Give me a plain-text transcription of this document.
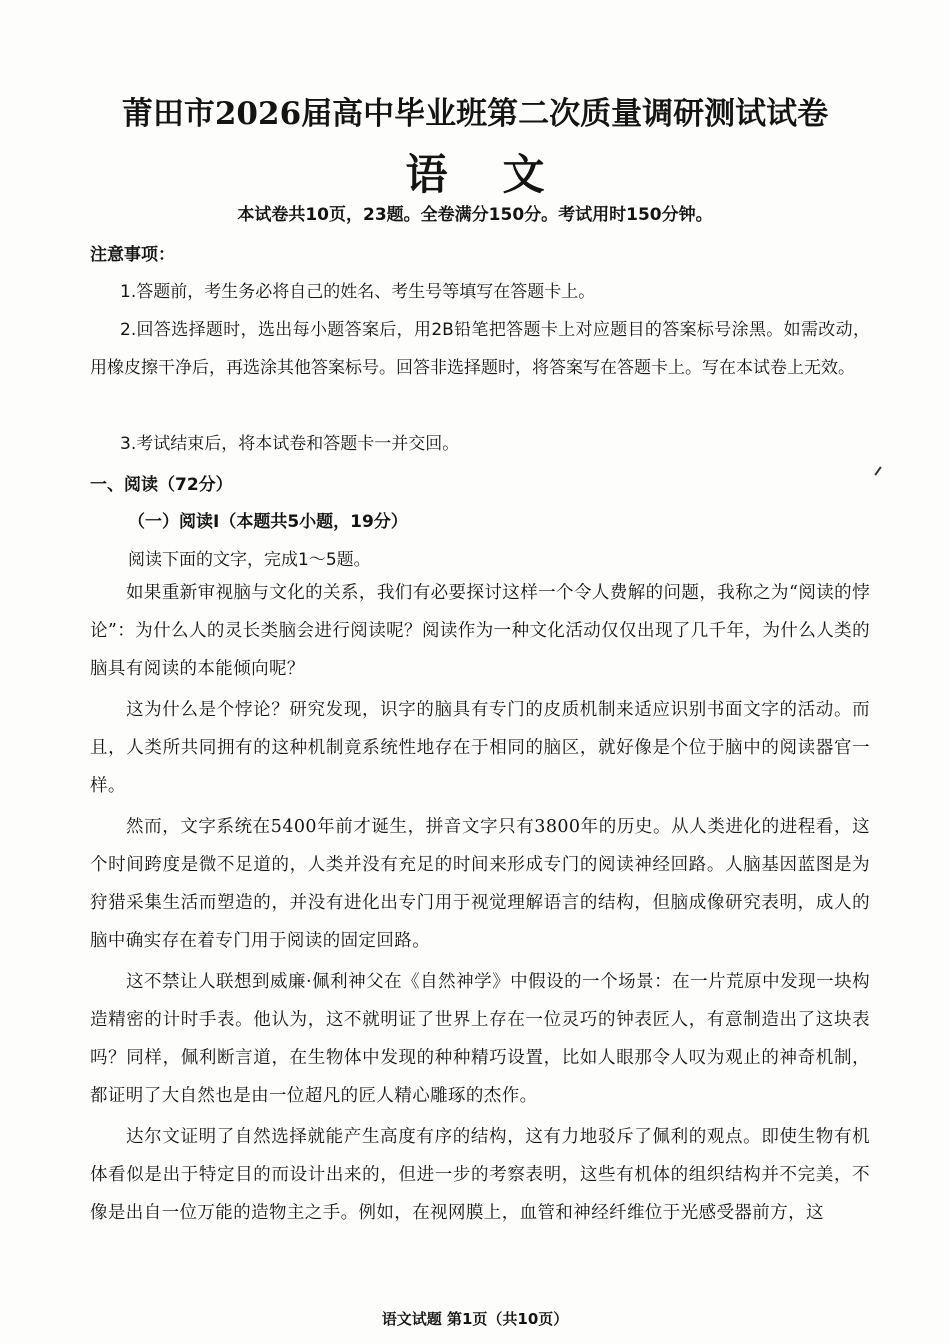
莆田市2026届高中毕业班第二次质量调研测试试卷
语文
本试卷共10页，23题。全卷满分150分。考试用时150分钟。
注意事项：
1.答题前，考生务必将自己的姓名、考生号等填写在答题卡上。
2.回答选择题时，选出每小题答案后，用2B铅笔把答题卡上对应题目的答案标号涂黑。如需改动，用橡皮擦干净后，再选涂其他答案标号。回答非选择题时，将答案写在答题卡上。写在本试卷上无效。
3.考试结束后，将本试卷和答题卡一并交回。
一、阅读（72分）
（一）阅读Ⅰ（本题共5小题，19分）
阅读下面的文字，完成1～5题。
如果重新审视脑与文化的关系，我们有必要探讨这样一个令人费解的问题，我称之为“阅读的悖论”：为什么人的灵长类脑会进行阅读呢？阅读作为一种文化活动仅仅出现了几千年，为什么人类的脑具有阅读的本能倾向呢？
这为什么是个悖论？研究发现，识字的脑具有专门的皮质机制来适应识别书面文字的活动。而且，人类所共同拥有的这种机制竟系统性地存在于相同的脑区，就好像是个位于脑中的阅读器官一样。
然而，文字系统在5400年前才诞生，拼音文字只有3800年的历史。从人类进化的进程看，这个时间跨度是微不足道的，人类并没有充足的时间来形成专门的阅读神经回路。人脑基因蓝图是为狩猎采集生活而塑造的，并没有进化出专门用于视觉理解语言的结构，但脑成像研究表明，成人的脑中确实存在着专门用于阅读的固定回路。
这不禁让人联想到威廉·佩利神父在《自然神学》中假设的一个场景：在一片荒原中发现一块构造精密的计时手表。他认为，这不就明证了世界上存在一位灵巧的钟表匠人，有意制造出了这块表吗？同样，佩利断言道，在生物体中发现的种种精巧设置，比如人眼那令人叹为观止的神奇机制，都证明了大自然也是由一位超凡的匠人精心雕琢的杰作。
达尔文证明了自然选择就能产生高度有序的结构，这有力地驳斥了佩利的观点。即使生物有机体看似是出于特定目的而设计出来的，但进一步的考察表明，这些有机体的组织结构并不完美，不像是出自一位万能的造物主之手。例如，在视网膜上，血管和神经纤维位于光感受器前方，这
语文试题 第1页（共10页）
